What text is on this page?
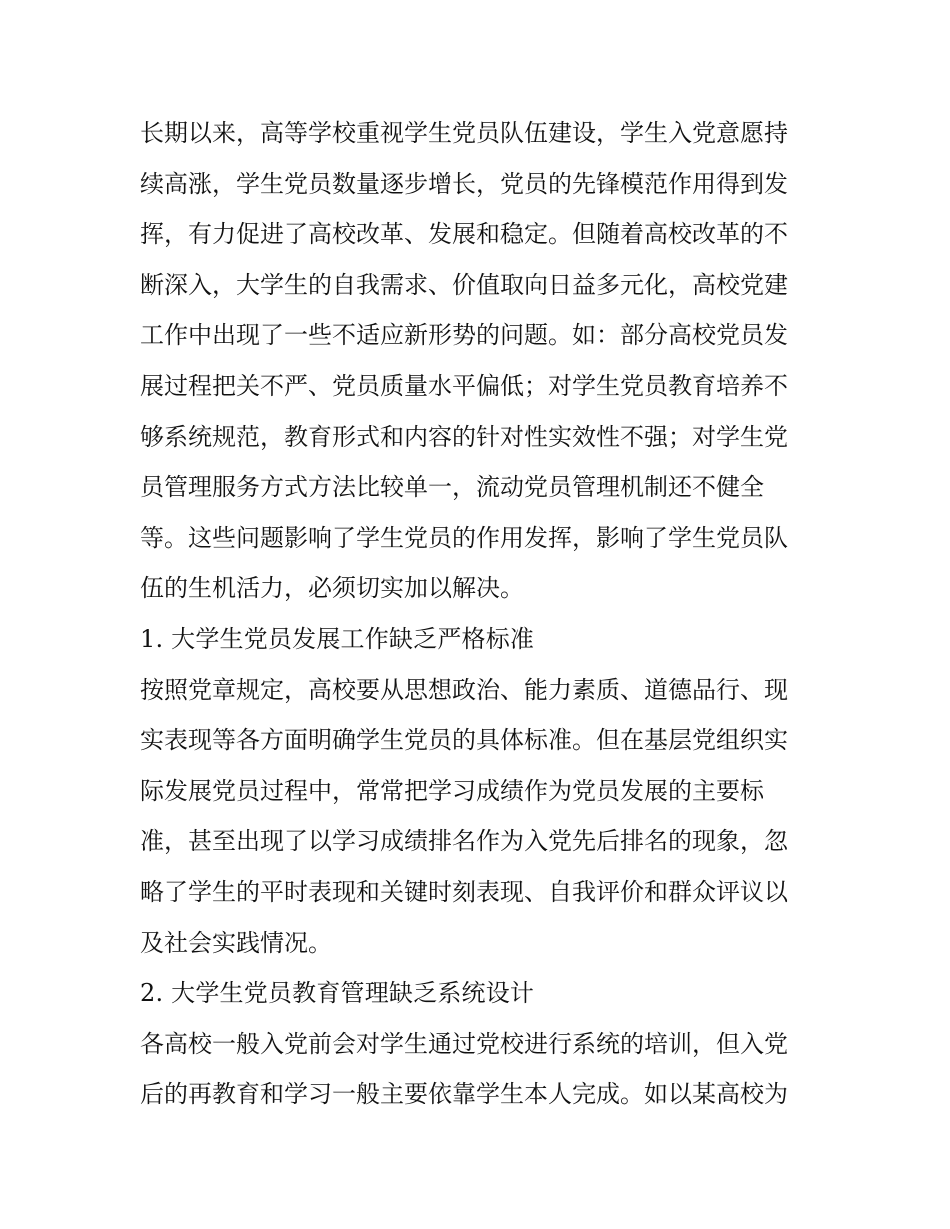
长期以来，高等学校重视学生党员队伍建设，学生入党意愿持
续高涨，学生党员数量逐步增长，党员的先锋模范作用得到发
挥，有力促进了高校改革、发展和稳定。但随着高校改革的不
断深入，大学生的自我需求、价值取向日益多元化，高校党建
工作中出现了一些不适应新形势的问题。如：部分高校党员发
展过程把关不严、党员质量水平偏低；对学生党员教育培养不
够系统规范，教育形式和内容的针对性实效性不强；对学生党
员管理服务方式方法比较单一，流动党员管理机制还不健全
等。这些问题影响了学生党员的作用发挥，影响了学生党员队
伍的生机活力，必须切实加以解决。
1. 大学生党员发展工作缺乏严格标准
按照党章规定，高校要从思想政治、能力素质、道德品行、现
实表现等各方面明确学生党员的具体标准。但在基层党组织实
际发展党员过程中，常常把学习成绩作为党员发展的主要标
准，甚至出现了以学习成绩排名作为入党先后排名的现象，忽
略了学生的平时表现和关键时刻表现、自我评价和群众评议以
及社会实践情况。
2. 大学生党员教育管理缺乏系统设计
各高校一般入党前会对学生通过党校进行系统的培训，但入党
后的再教育和学习一般主要依靠学生本人完成。如以某高校为
